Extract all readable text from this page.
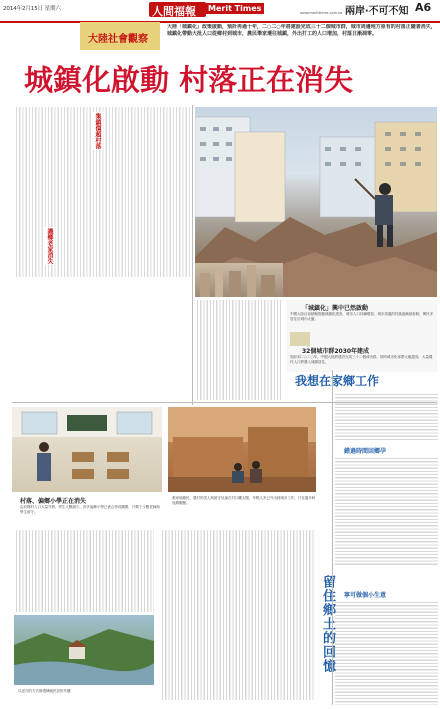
2014年2月15日 星期六	人間福報	Merit Times	www.merittimes.com.tw 兩岸‧不可不知 A6
大陸社會觀察
大陸「城鎮化」政策啟動，預計再過十年，二○二○年將建設完成三十二個城市群，城市周邊地方原有的村落正隨著消失，城鎮化帶動大批人口從鄉村到城市，農民舉家遷往城鎮，外出打工的人口增加，村落日漸凋零。
城鎮化啟動 村落正在消失
集鎮價超村落
識鄉老家消失
「城鎮化」興中已然啟動
中國大陸目前積極推動城鎮化建設，城市人口持續增加，城市周邊的村落逐漸被拆除，鄉民多居住於城內大廈。
32個城市群2030年建成
預計到二○二○年，中國大陸將建設完成三十二個城市群，屆時城市化率將大幅提高，大量農村人口將遷入城鎮居住。
我想在家鄉工作
錯過時間回鄉孕
寧可做個小生意
留住鄉土的回憶
村落、偏鄉小學正在消失
由於鄉村人口大量外移，學生人數減少，許多偏鄉小學已被合併或關閉，只剩下少數老師與學生留守。
張家地鎮民，農村的老人與留守兒童在村口曬太陽，年輕人多已外出到城市工作，只在過年時返鄉團聚。
以老瓦的方式修復傳統民居的外牆
